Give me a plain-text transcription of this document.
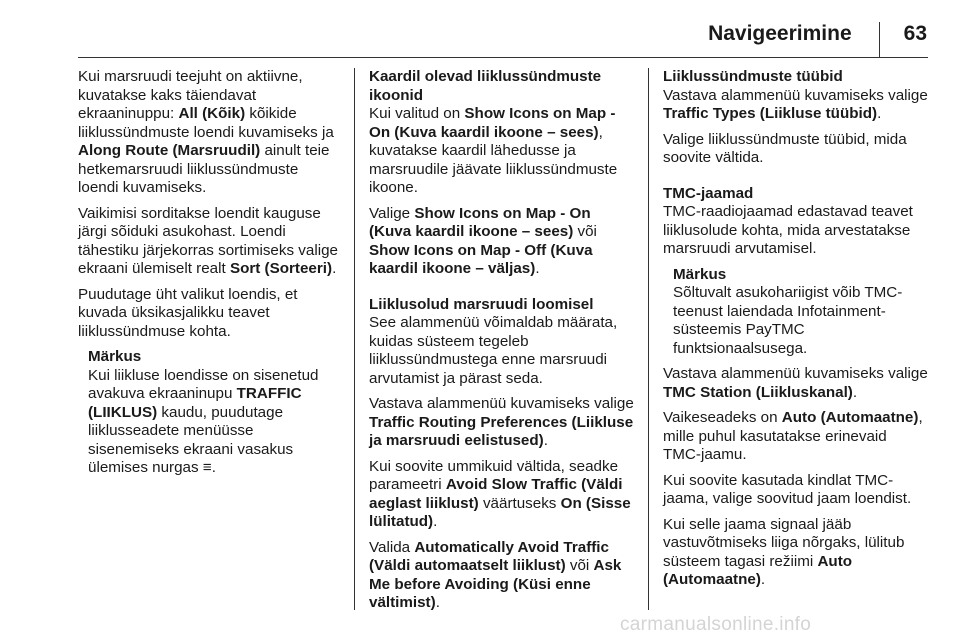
Navigeerimine 63

Kui marsruudi teejuht on aktiivne, kuvatakse kaks täiendavat ekraaninuppu: All (Kõik) kõikide liiklussündmuste loendi kuvamiseks ja Along Route (Marsruudil) ainult teie hetkemarsruudi liiklussündmuste loendi kuvamiseks.

Vaikimisi sorditakse loendit kauguse järgi sõiduki asukohast. Loendi tähestiku järjekorras sortimiseks valige ekraani ülemiselt realt Sort (Sorteeri).

Puudutage üht valikut loendis, et kuvada üksikasjalikku teavet liiklussündmuse kohta.

Märkus
Kui liikluse loendisse on sisenetud avakuva ekraaninupu TRAFFIC (LIIKLUS) kaudu, puudutage liiklusseadete menüüsse sisenemiseks ekraani vasakus ülemises nurgas ≡.
Kaardil olevad liiklussündmuste ikoonid

Kui valitud on Show Icons on Map - On (Kuva kaardil ikoone – sees), kuvatakse kaardil lähedusse ja marsruudile jäävate liiklussündmuste ikoone.

Valige Show Icons on Map - On (Kuva kaardil ikoone – sees) või Show Icons on Map - Off (Kuva kaardil ikoone – väljas).

Liiklusolud marsruudi loomisel

See alammenüü võimaldab määrata, kuidas süsteem tegeleb liiklussündmustega enne marsruudi arvutamist ja pärast seda.

Vastava alammenüü kuvamiseks valige Traffic Routing Preferences (Liikluse ja marsruudi eelistused).

Kui soovite ummikuid vältida, seadke parameetri Avoid Slow Traffic (Väldi aeglast liiklust) väärtuseks On (Sisse lülitatud).

Valida Automatically Avoid Traffic (Väldi automaatselt liiklust) või Ask Me before Avoiding (Küsi enne vältimist).

Liiklussündmuste tüübid

Vastava alammenüü kuvamiseks valige Traffic Types (Liikluse tüübid).

Valige liiklussündmuste tüübid, mida soovite vältida.

TMC-jaamad

TMC-raadiojaamad edastavad teavet liiklusolude kohta, mida arvestatakse marsruudi arvutamisel.

Märkus
Sõltuvalt asukohariigist võib TMC-teenust laiendada Infotainment-süsteemis PayTMC funktsionaalsusega.

Vastava alammenüü kuvamiseks valige TMC Station (Liikluskanal).

Vaikeseadeks on Auto (Automaatne), mille puhul kasutatakse erinevaid TMC-jaamu.

Kui soovite kasutada kindlat TMC-jaama, valige soovitud jaam loendist.

Kui selle jaama signaal jääb vastuvõtmiseks liiga nõrgaks, lülitub süsteem tagasi režiimi Auto (Automaatne).

carmanualsonline.info
